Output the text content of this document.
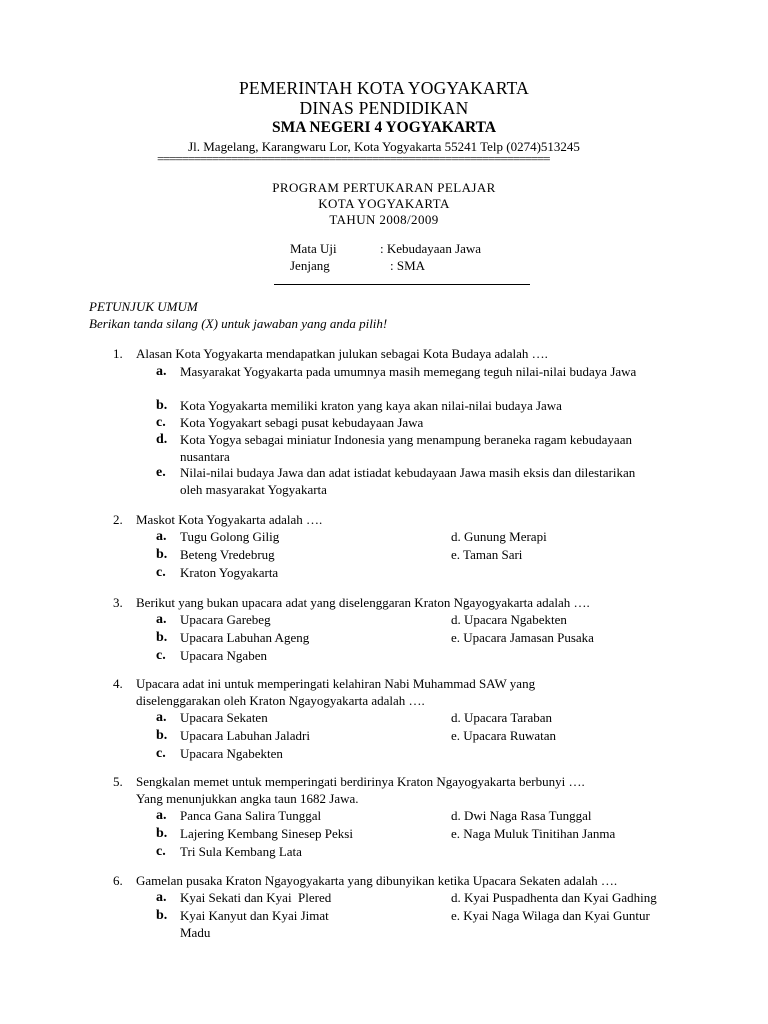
PEMERINTAH KOTA YOGYAKARTA
DINAS PENDIDIKAN
SMA NEGERI 4 YOGYAKARTA
Jl. Magelang, Karangwaru Lor, Kota Yogyakarta 55241 Telp (0274)513245
================================================================
PROGRAM PERTUKARAN PELAJAR
KOTA YOGYAKARTA
TAHUN 2008/2009
Mata Uji	: Kebudayaan Jawa
Jenjang	: SMA
PETUNJUK UMUM
Berikan tanda silang (X) untuk jawaban yang anda pilih!
1. Alasan Kota Yogyakarta mendapatkan julukan sebagai Kota Budaya adalah ….
a. Masyarakat Yogyakarta pada umumnya masih memegang teguh nilai-nilai budaya Jawa
b. Kota Yogyakarta memiliki kraton yang kaya akan nilai-nilai budaya Jawa
c. Kota Yogyakart sebagi pusat kebudayaan Jawa
d. Kota Yogya sebagai miniatur Indonesia yang menampung beraneka ragam kebudayaan nusantara
e. Nilai-nilai budaya Jawa dan adat istiadat kebudayaan Jawa masih eksis dan dilestarikan oleh masyarakat Yogyakarta
2. Maskot Kota Yogyakarta adalah ….
a. Tugu Golong Gilig
b. Beteng Vredebrug
c. Kraton Yogyakarta
d. Gunung Merapi
e. Taman Sari
3. Berikut yang bukan upacara adat yang diselenggaran Kraton Ngayogyakarta adalah ….
a. Upacara Garebeg
b. Upacara Labuhan Ageng
c. Upacara Ngaben
d. Upacara Ngabekten
e. Upacara Jamasan Pusaka
4. Upacara adat ini untuk memperingati kelahiran Nabi Muhammad SAW yang
diselenggarakan oleh Kraton Ngayogyakarta adalah ….
a. Upacara Sekaten
b. Upacara Labuhan Jaladri
c. Upacara Ngabekten
d. Upacara Taraban
e. Upacara Ruwatan
5. Sengkalan memet untuk memperingati berdirinya Kraton Ngayogyakarta berbunyi ….
Yang menunjukkan angka taun 1682 Jawa.
a. Panca Gana Salira Tunggal
b. Lajering Kembang Sinesep Peksi
c. Tri Sula Kembang Lata
d. Dwi Naga Rasa Tunggal
e. Naga Muluk Tinitihan Janma
6. Gamelan pusaka Kraton Ngayogyakarta yang dibunyikan ketika Upacara Sekaten adalah ….
a. Kyai Sekati dan Kyai  Plered
b. Kyai Kanyut dan Kyai Jimat
Madu
d. Kyai Puspadhenta dan Kyai Gadhing
e. Kyai Naga Wilaga dan Kyai Guntur
